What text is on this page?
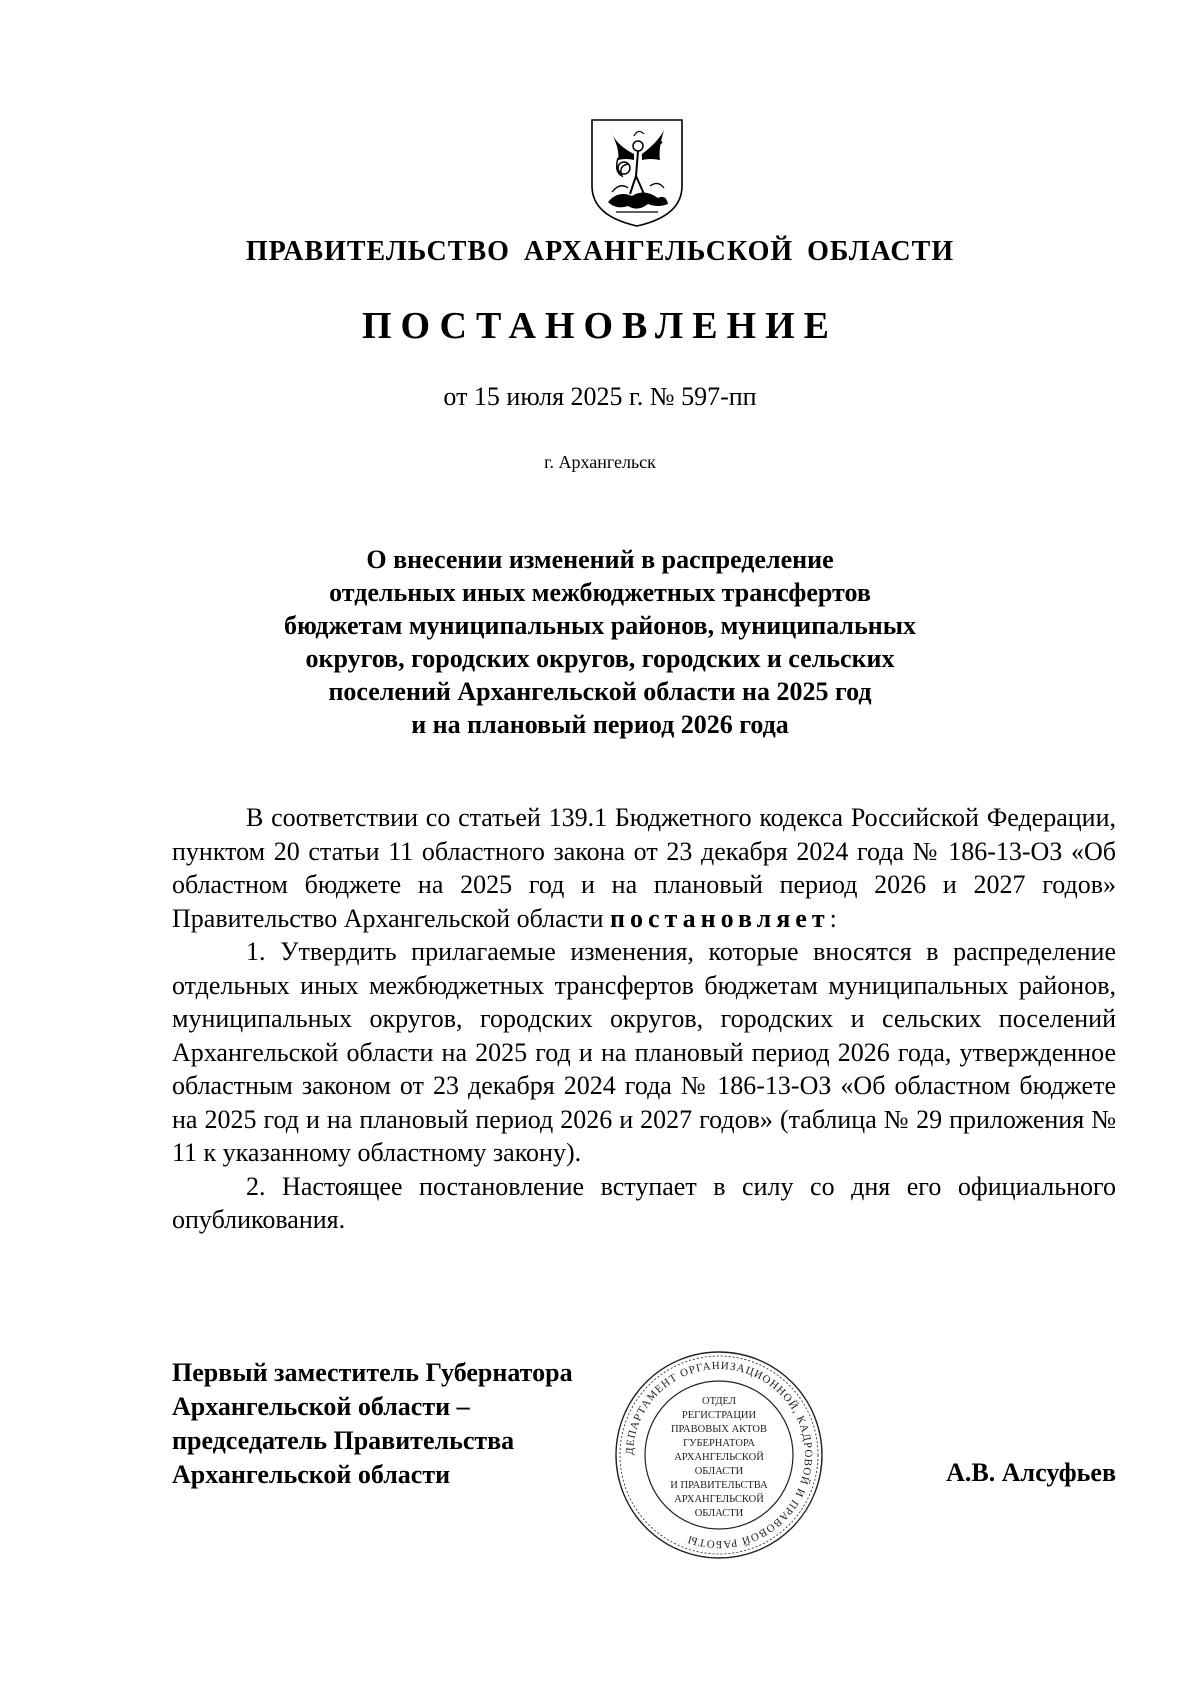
ПРАВИТЕЛЬСТВО АРХАНГЕЛЬСКОЙ ОБЛАСТИ
ПОСТАНОВЛЕНИЕ
от 15 июля 2025 г. № 597-пп
г. Архангельск
О внесении изменений в распределение
отдельных иных межбюджетных трансфертов
бюджетам муниципальных районов, муниципальных
округов, городских округов, городских и сельских
поселений Архангельской области на 2025 год
и на плановый период 2026 года

В соответствии со статьей 139.1 Бюджетного кодекса Российской Федерации, пунктом 20 статьи 11 областного закона от 23 декабря 2024 года № 186-13-ОЗ «Об областном бюджете на 2025 год и на плановый период 2026 и 2027 годов» Правительство Архангельской области постановляет:

1. Утвердить прилагаемые изменения, которые вносятся в распределение отдельных иных межбюджетных трансфертов бюджетам муниципальных районов, муниципальных округов, городских округов, городских и сельских поселений Архангельской области на 2025 год и на плановый период 2026 года, утвержденное областным законом от 23 декабря 2024 года № 186-13-ОЗ «Об областном бюджете на 2025 год и на плановый период 2026 и 2027 годов» (таблица № 29 приложения № 11 к указанному областному закону).

2. Настоящее постановление вступает в силу со дня его официального опубликования.

Первый заместитель Губернатора
Архангельской области –
председатель Правительства
Архангельской области
ДЕПАРТАМЕНТ ОРГАНИЗАЦИОННОЙ, КАДРОВОЙ И ПРАВОВОЙ РАБОТЫ
ОТДЕЛ
РЕГИСТРАЦИИ
ПРАВОВЫХ АКТОВ
ГУБЕРНАТОРА
АРХАНГЕЛЬСКОЙ
ОБЛАСТИ
И ПРАВИТЕЛЬСТВА
АРХАНГЕЛЬСКОЙ
ОБЛАСТИ
А.В. Алсуфьев
